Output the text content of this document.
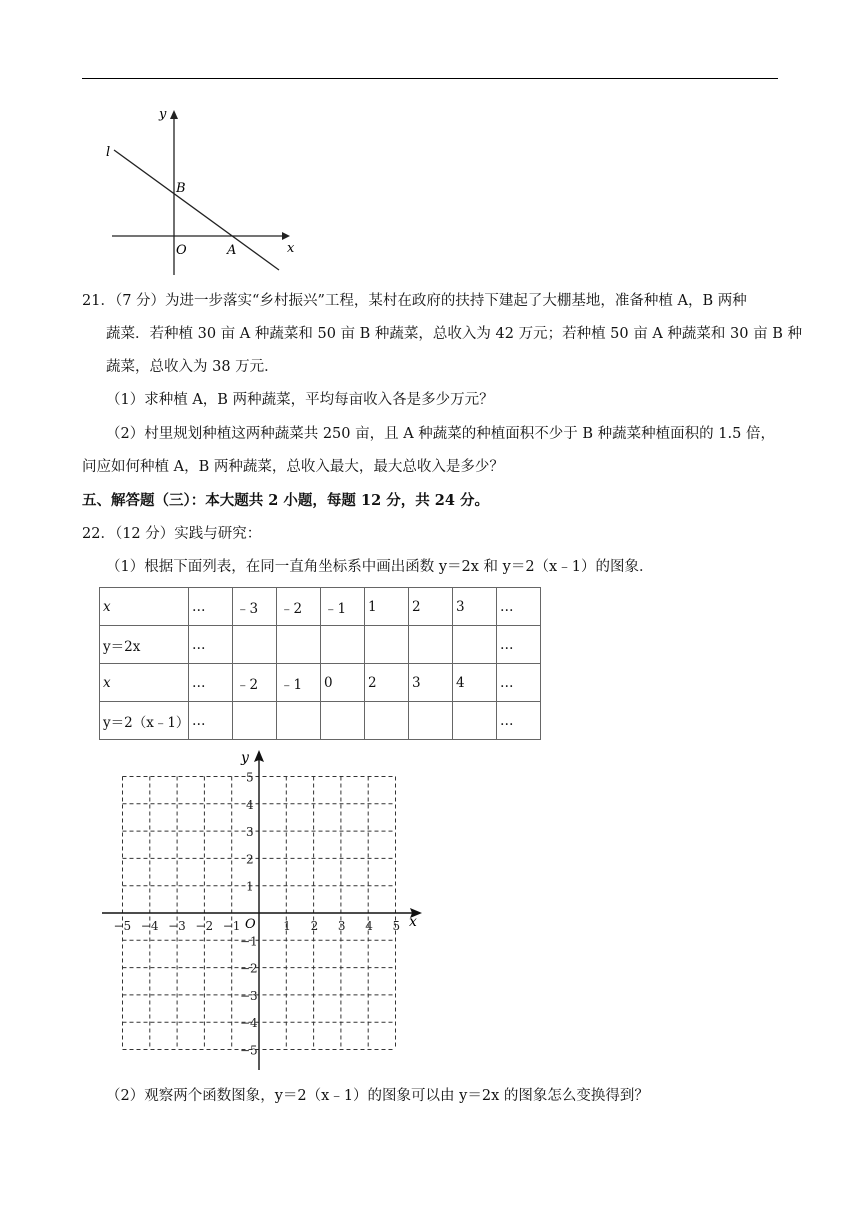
y
x
l
B
O	A
21．（7 分）为进一步落实“乡村振兴”工程，某村在政府的扶持下建起了大棚基地，准备种植 A，B 两种
蔬菜．若种植 30 亩 A 种蔬菜和 50 亩 B 种蔬菜，总收入为 42 万元；若种植 50 亩 A 种蔬菜和 30 亩 B 种
蔬菜，总收入为 38 万元．
（1）求种植 A，B 两种蔬菜，平均每亩收入各是多少万元？
（2）村里规划种植这两种蔬菜共 250 亩，且 A 种蔬菜的种植面积不少于 B 种蔬菜种植面积的 1.5 倍，
问应如何种植 A，B 两种蔬菜，总收入最大，最大总收入是多少？
五、解答题（三）：本大题共 2 小题，每题 12 分，共 24 分。
22．（12 分）实践与研究：
（1）根据下面列表，在同一直角坐标系中画出函数 y＝2x 和 y＝2（x﹣1）的图象．
x	…	﹣3	﹣2	﹣1	1	2	3	…
y＝2x	…							…
x	…	﹣2	﹣1	0	2	3	4	…
y＝2（x﹣1）	…							…
−5 −4 −3 −2 −1	1 2 3 4 5
5
4
3
2
1
−1
−2
−3
−4
−5
x
y
O
（2）观察两个函数图象，y＝2（x﹣1）的图象可以由 y＝2x 的图象怎么变换得到？
